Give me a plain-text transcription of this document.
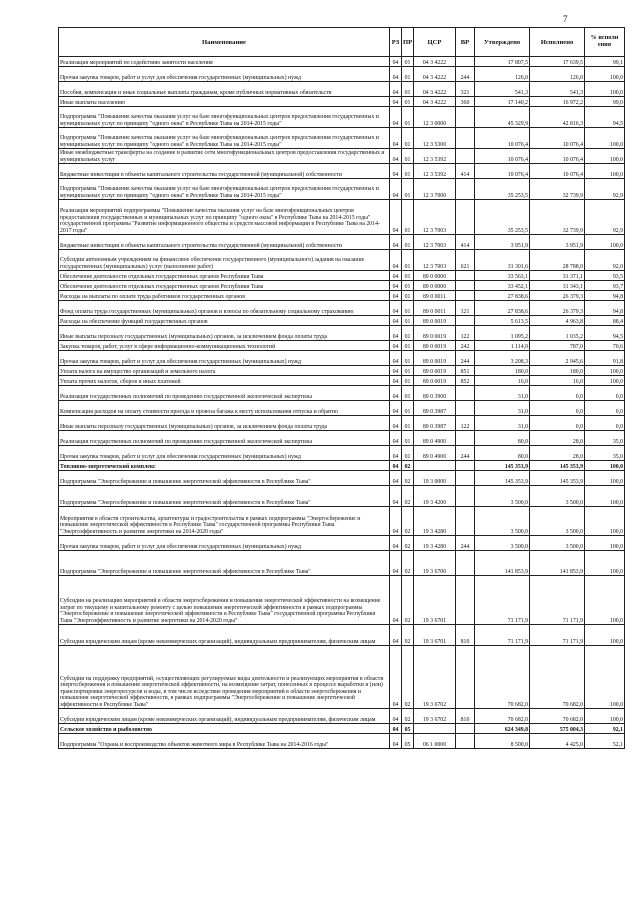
7
Наименование	РЗ	ПР	ЦСР	ВР	Утверждено	Исполнено	% исполн ения
Реализация мероприятий по содействию занятости населения	04	01	04 3 4222		17 807,5	17 639,5	99,1
Прочая закупка товаров, работ и услуг для обеспечения государственных (муниципальных) нужд	04	01	04 3 4222	244	126,0	126,0	100,0
Пособия, компенсации и иные социальные выплаты гражданам, кроме публичных нормативных обязательств	04	01	04 3 4222	321	541,3	541,3	100,0
Иные выплаты населению	04	01	04 3 4222	360	17 140,2	16 972,2	99,0
Подпрограмма "Повышение качества оказания услуг на базе многофункциональных центров предоставления государственных и муниципальных услуг по принципу "одного окна" в Республике Тыва на 2014-2015 годы"	04	01	12 3 0000		45 329,9	42 816,3	94,5
Подпрограмма "Повышение качества оказания услуг на базе многофункциональных центров предоставления государственных и муниципальных услуг по принципу "одного окна" в Республике Тыва на 2014-2015 годы"	04	01	12 3 5300		10 076,4	10 076,4	100,0
Иные межбюджетные трансферты на создание и развитие сети многофункциональных центров предоставления государственных и муниципальных услуг	04	01	12 3 5392		10 076,4	10 076,4	100,0
Бюджетные инвестиции в объекты капитального строительства государственной (муниципальной) собственности	04	01	12 3 5392	414	10 076,4	10 076,4	100,0
Подпрограмма "Повышение качества оказания услуг на базе многофункциональных центров предоставления государственных и муниципальных услуг по принципу "одного окна" в Республике Тыва на 2014-2015 годы"	04	01	12 3 7000		35 253,5	32 739,9	92,9
Реализация мероприятий подпрограммы "Повышение качества оказания услуг на базе многофункциональных центров предоставления государственных и муниципальных услуг по принципу "одного окна" в Республике Тыва на 2014-2015 годы" государственной программы "Развитие информационного общества и средств массовой информации в Республике Тыва на 2014-2017 годы"	04	01	12 3 7003		35 253,5	32 739,9	92,9
Бюджетные инвестиции в объекты капитального строительства государственной (муниципальной) собственности	04	01	12 3 7003	414	3 951,9	3 951,9	100,0
Субсидии автономным учреждениям на финансовое обеспечение государственного (муниципального) задания на оказание государственных (муниципальных) услуг (выполнение работ)	04	01	12 3 7003	621	31 301,6	28 788,0	92,0
Обеспечение деятельности отдельных государственных органов Республики Тыва	04	01	89 0 0000		33 563,1	31 371,1	93,5
Обеспечение деятельности отдельных государственных органов Республики Тыва	04	01	89 0 0000		33 452,1	31 343,1	93,7
Расходы на выплаты по оплате труда работников государственных органов	04	01	89 0 0011		27 838,6	26 379,3	94,8
Фонд оплаты труда государственных (муниципальных) органов и взносы по обязательному социальному страхованию	04	01	89 0 0011	121	27 838,6	26 379,3	94,8
Расходы на обеспечение функций государственных органов	04	01	89 0 0019		5 613,5	4 963,8	88,4
Иные выплаты персоналу государственных (муниципальных) органов, за исключением фонда оплаты труда	04	01	89 0 0019	122	1 095,2	1 035,2	94,5
Закупка товаров, работ, услуг в сфере информационно-коммуникационных технологий	04	01	89 0 0019	242	1 114,0	787,0	70,6
Прочая закупка товаров, работ и услуг для обеспечения государственных (муниципальных) нужд	04	01	89 0 0019	244	3 208,3	2 945,6	91,8
Уплата налога на имущество организаций и земельного налога	04	01	89 0 0019	851	180,0	180,0	100,0
Уплата прочих налогов, сборов и иных платежей	04	01	89 0 0019	852	16,0	16,0	100,0
Реализация государственных полномочий по проведению государственной экологической экспертизы	04	01	89 0 3900		31,0	0,0	0,0
Компенсация расходов на оплату стоимости проезда и провоза багажа к месту использования отпуска и обратно	04	01	89 0 3987		31,0	0,0	0,0
Иные выплаты персоналу государственных (муниципальных) органов, за исключением фонда оплаты труда	04	01	89 0 3987	122	31,0	0,0	0,0
Реализация государственных полномочий по проведению государственной экологической экспертизы	04	01	89 0 4900		80,0	28,0	35,0
Прочая закупка товаров, работ и услуг для обеспечения государственных (муниципальных) нужд	04	01	89 0 4900	244	80,0	28,0	35,0
Топливно-энергетический комплекс	04	02			145 353,9	145 353,9	100,0
Подпрограмма "Энергосбережение и повышение энергетической эффективности в Республике Тыва"	04	02	19 3 0000		145 353,9	145 353,9	100,0
Подпрограмма "Энергосбережение и повышение энергетической эффективности в Республике Тыва"	04	02	19 3 4200		3 500,0	3 500,0	100,0
Мероприятия в области строительства, архитектуры и градостроительства в рамках подпрограммы "Энергосбережение и повышение энергетической эффективности в Республике Тыва" государственной программы Республики Тыва "Энергоэффективность и развитие энергетики на 2014-2020 годы"	04	02	19 3 4280		3 500,0	3 500,0	100,0
Прочая закупка товаров, работ и услуг для обеспечения государственных (муниципальных) нужд	04	02	19 3 4280	244	3 500,0	3 500,0	100,0
Подпрограмма "Энергосбережение и повышение энергетической эффективности в Республике Тыва"	04	02	19 3 6700		141 853,9	141 853,9	100,0
Субсидии на реализацию мероприятий в области энергосбережения и повышения энергетической эффективности на возмещение затрат по текущему и капитальному ремонту с целью повышения энергетической эффективности в рамках подпрограммы "Энергосбережение и повышение энергетической эффективности в Республике Тыва" государственной программы Республики Тыва "Энергоэффективность и развитие энергетики на 2014-2020 годы"	04	02	19 3 6701		71 171,9	71 171,9	100,0
Субсидии юридическим лицам (кроме некоммерческих организаций), индивидуальным предпринимателям, физическим лицам	04	02	19 3 6701	810	71 171,9	71 171,9	100,0
Субсидии на поддержку предприятий, осуществляющих регулируемые виды деятельности и реализующих мероприятия в области энергосбережения и повышения энергетической эффективности, на возмещение затрат, понесенных в процессе выработки и (или) транспортировки энергоресурсов и воды, в том числе вследствие проведения мероприятий в области энергосбережения и повышения энергетической эффективности, в рамках подпрограммы "Энергосбережение и повышение энергетической эффективности в Республике Тыва"	04	02	19 3 6702		70 682,0	70 682,0	100,0
Субсидии юридическим лицам (кроме некоммерческих организаций), индивидуальным предпринимателям, физическим лицам	04	02	19 3 6702	810	70 682,0	70 682,0	100,0
Сельское хозяйство и рыболовство	04	05			624 349,8	575 004,3	92,1
Подпрограмма "Охрана и воспроизводство объектов животного мира в Республике Тыва на 2014-2016 годы"	04	05	06 1 0000		8 500,0	4 425,0	52,1
